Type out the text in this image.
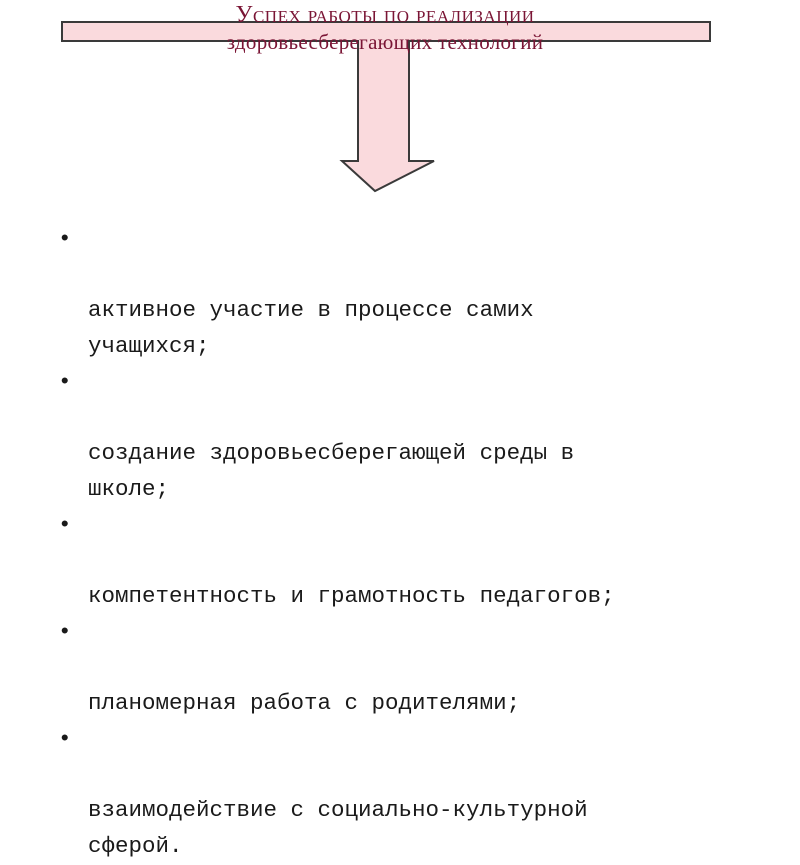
Успех работы по реализации
здоровьесберегающих технологий

•

активное участие в процессе самих
учащихся;

•

создание здоровьесберегающей среды в
школе;

•

компетентность и грамотность педагогов;

•

планомерная работа с родителями;

•

взаимодействие с социально-культурной
сферой.
